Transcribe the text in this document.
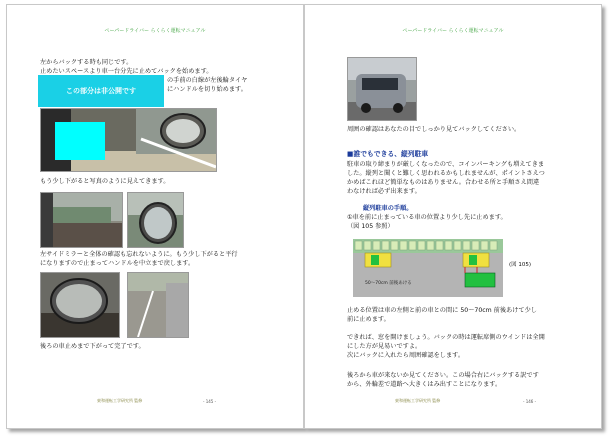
ペーパードライバー らくらく運転マニュアル
左からバックする時も同じです。
止めたいスペースより車一台分先に止めてバックを始めます。
の手前の白線が左後輪タイヤ
にハンドルを切り始めます。
この部分は非公開です
もう少し下がると写真のように見えてきます。
左サイドミラーと全体の確認も忘れないように。もう少し下がると平行
になりますので止まってハンドルを中立まで戻します。
後ろの車止めまで下がって完了です。
東和運転工学研究所 監修	- 145 -
ペーパードライバー らくらく運転マニュアル
周囲の確認はあなたの目でしっかり見てバックしてください。
■誰でもできる、縦列駐車
駐車の取り締まりが厳しくなったので、コインパーキングも増えてきま
した。縦列と聞くと難しく思われるかもしれませんが、ポイントさえつ
かめばこれほど簡単なものはありません。合わせる所と手順さえ間違
わなければ必ず出来ます。
縦列駐車の手順。
①車を前に止まっている車の位置より少し先に止めます。
（図 105 参照）
50～70cm 前後あける
(図 105)
止める位置は車の左側と前の車との間に 50～70cm 前後あけて少し
前に止めます。
できれば、窓を開けましょう。バックの時は運転席側のウインドは全開
にした方が見易いですよ。
次にバックに入れたら周囲確認をします。
後ろから車が来ないか見てください。この場合右にバックする訳です
から、外輪差で道路へ大きくはみ出すことになります。
東和運転工学研究所 監修	- 146 -
